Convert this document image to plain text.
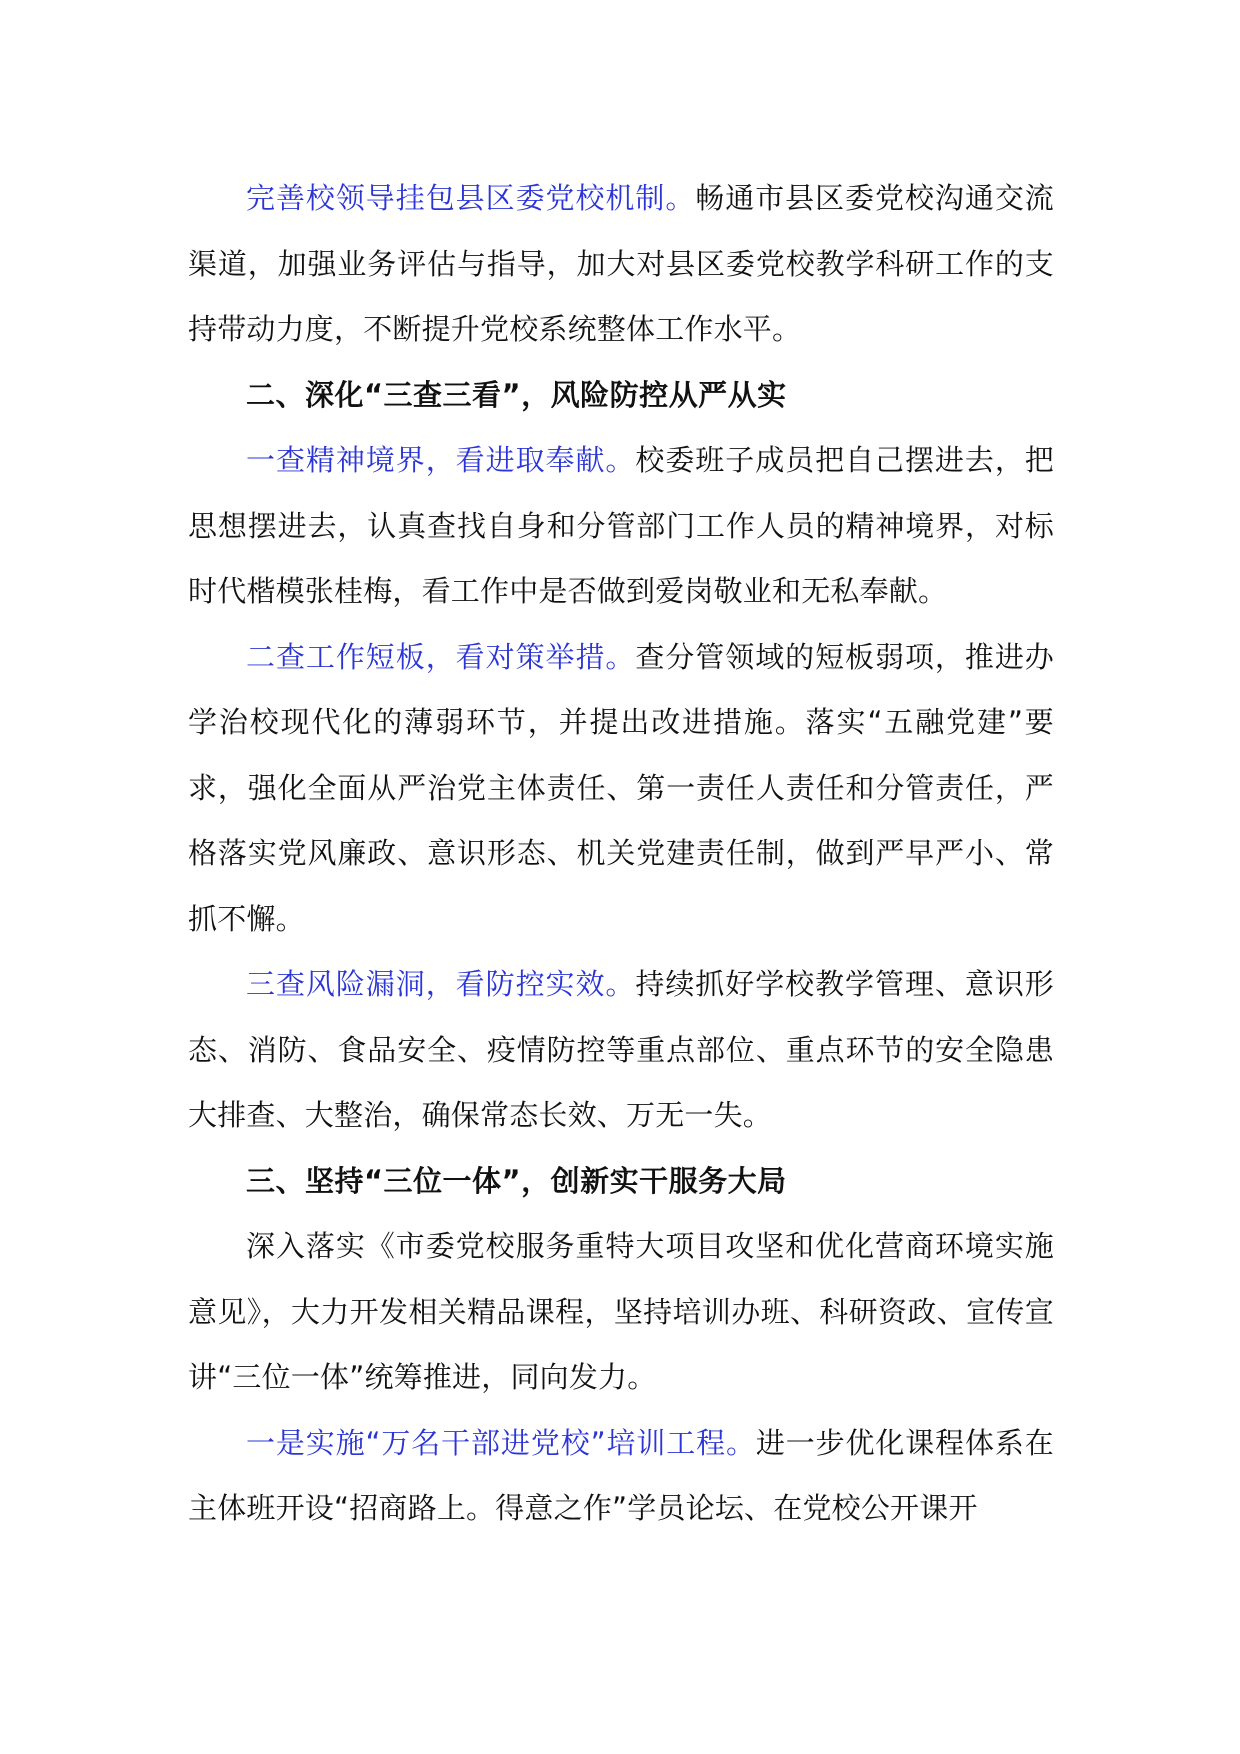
完善校领导挂包县区委党校机制。畅通市县区委党校沟通交流渠道，加强业务评估与指导，加大对县区委党校教学科研工作的支持带动力度，不断提升党校系统整体工作水平。

二、深化“三查三看”，风险防控从严从实

一查精神境界，看进取奉献。校委班子成员把自己摆进去，把思想摆进去，认真查找自身和分管部门工作人员的精神境界，对标时代楷模张桂梅，看工作中是否做到爱岗敬业和无私奉献。

二查工作短板，看对策举措。查分管领域的短板弱项，推进办学治校现代化的薄弱环节，并提出改进措施。落实“五融党建”要求，强化全面从严治党主体责任、第一责任人责任和分管责任，严格落实党风廉政、意识形态、机关党建责任制，做到严早严小、常抓不懈。

三查风险漏洞，看防控实效。持续抓好学校教学管理、意识形态、消防、食品安全、疫情防控等重点部位、重点环节的安全隐患大排查、大整治，确保常态长效、万无一失。

三、坚持“三位一体”，创新实干服务大局

深入落实《市委党校服务重特大项目攻坚和优化营商环境实施意见》，大力开发相关精品课程，坚持培训办班、科研资政、宣传宣讲“三位一体”统筹推进，同向发力。

一是实施“万名干部进党校”培训工程。进一步优化课程体系在主体班开设“招商路上。得意之作”学员论坛、在党校公开课开
